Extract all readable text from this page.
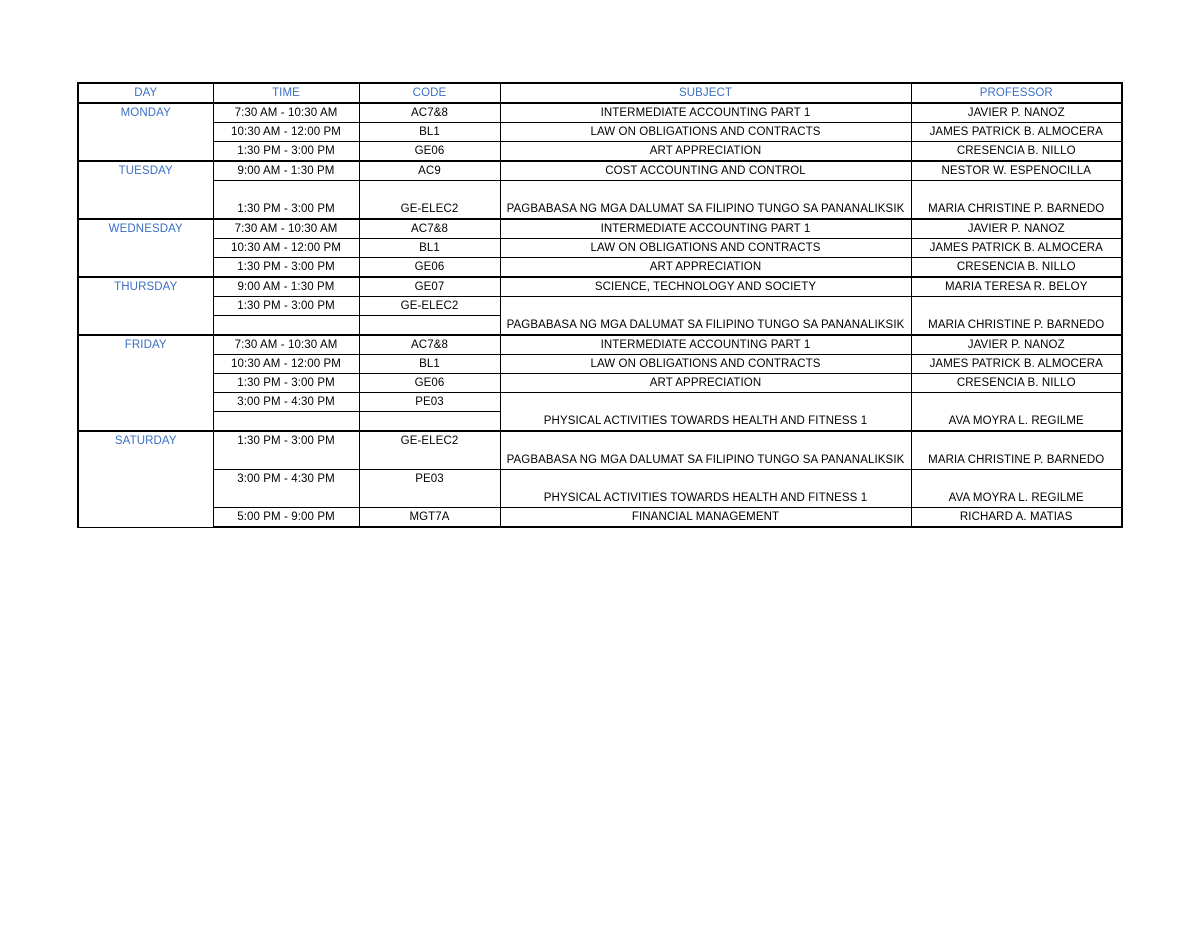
DAY	TIME	CODE	SUBJECT	PROFESSOR
MONDAY	7:30 AM - 10:30 AM	AC7&8	INTERMEDIATE ACCOUNTING PART 1	JAVIER P. NANOZ
	10:30 AM - 12:00 PM	BL1	LAW ON OBLIGATIONS AND CONTRACTS	JAMES PATRICK B. ALMOCERA
	1:30 PM - 3:00 PM	GE06	ART APPRECIATION	CRESENCIA B. NILLO
TUESDAY	9:00 AM - 1:30 PM	AC9	COST ACCOUNTING AND CONTROL	NESTOR W. ESPENOCILLA
	1:30 PM - 3:00 PM	GE-ELEC2	PAGBABASA NG MGA DALUMAT SA FILIPINO TUNGO SA PANANALIKSIK	MARIA CHRISTINE P. BARNEDO
WEDNESDAY	7:30 AM - 10:30 AM	AC7&8	INTERMEDIATE ACCOUNTING PART 1	JAVIER P. NANOZ
	10:30 AM - 12:00 PM	BL1	LAW ON OBLIGATIONS AND CONTRACTS	JAMES PATRICK B. ALMOCERA
	1:30 PM - 3:00 PM	GE06	ART APPRECIATION	CRESENCIA B. NILLO
THURSDAY	9:00 AM - 1:30 PM	GE07	SCIENCE, TECHNOLOGY AND SOCIETY	MARIA TERESA R. BELOY
	1:30 PM - 3:00 PM	GE-ELEC2	PAGBABASA NG MGA DALUMAT SA FILIPINO TUNGO SA PANANALIKSIK	MARIA CHRISTINE P. BARNEDO

FRIDAY	7:30 AM - 10:30 AM	AC7&8	INTERMEDIATE ACCOUNTING PART 1	JAVIER P. NANOZ
	10:30 AM - 12:00 PM	BL1	LAW ON OBLIGATIONS AND CONTRACTS	JAMES PATRICK B. ALMOCERA
	1:30 PM - 3:00 PM	GE06	ART APPRECIATION	CRESENCIA B. NILLO
	3:00 PM - 4:30 PM	PE03	PHYSICAL ACTIVITIES TOWARDS HEALTH AND FITNESS 1	AVA MOYRA L. REGILME

SATURDAY	1:30 PM - 3:00 PM	GE-ELEC2	PAGBABASA NG MGA DALUMAT SA FILIPINO TUNGO SA PANANALIKSIK	MARIA CHRISTINE P. BARNEDO
	3:00 PM - 4:30 PM	PE03	PHYSICAL ACTIVITIES TOWARDS HEALTH AND FITNESS 1	AVA MOYRA L. REGILME
	5:00 PM - 9:00 PM	MGT7A	FINANCIAL MANAGEMENT	RICHARD A. MATIAS
